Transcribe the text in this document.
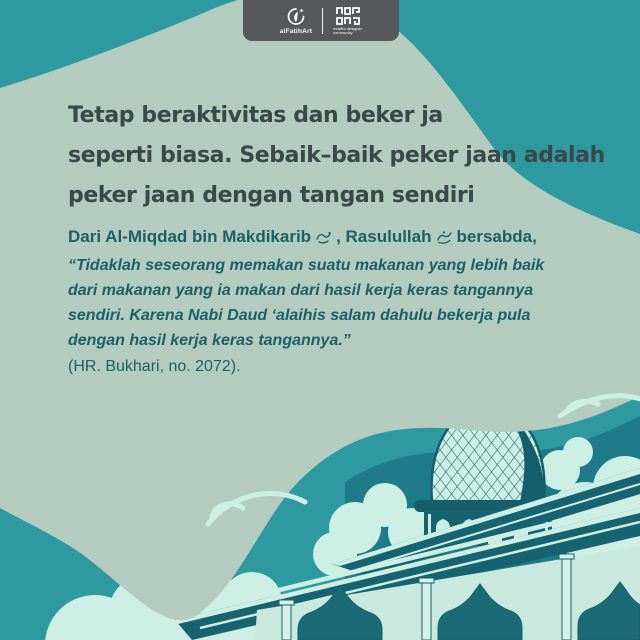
alFatihArt	muslim designer
community
Tetap beraktivitas dan beker ja
seperti biasa. Sebaik–baik peker jaan adalah
peker jaan dengan tangan sendiri
Dari Al-Miqdad bin Makdikarib , Rasulullah bersabda,
“Tidaklah seseorang memakan suatu makanan yang lebih baik
dari makanan yang ia makan dari hasil kerja keras tangannya
sendiri. Karena Nabi Daud ‘alaihis salam dahulu bekerja pula
dengan hasil kerja keras tangannya.”
(HR. Bukhari, no. 2072).
